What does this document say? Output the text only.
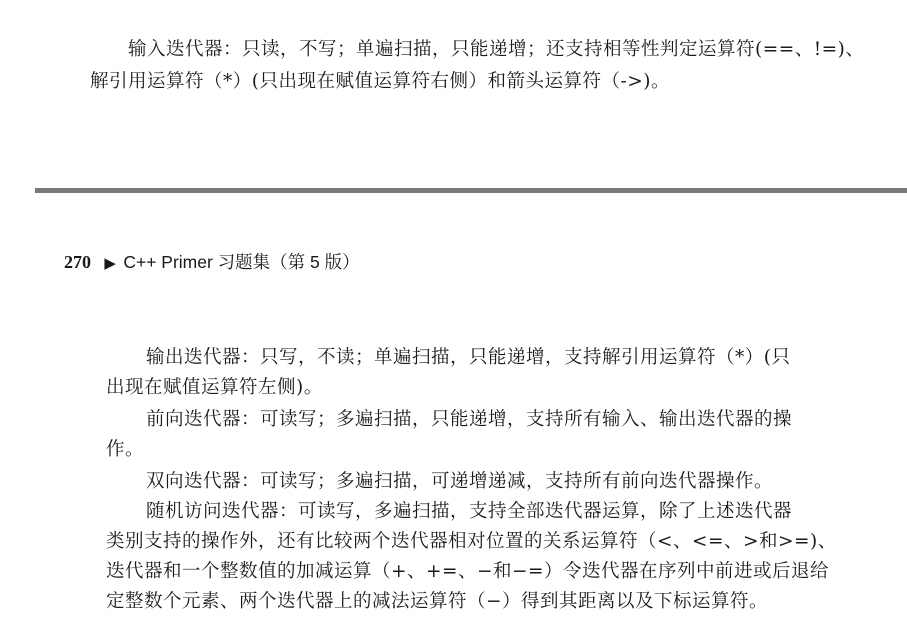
输入迭代器：只读，不写；单遍扫描，只能递增；还支持相等性判定运算符(==、!=)、
解引用运算符（*）(只出现在赋值运算符右侧）和箭头运算符（->)。
270 ▶ C++ Primer 习题集（第 5 版）
输出迭代器：只写，不读；单遍扫描，只能递增，支持解引用运算符（*）(只
出现在赋值运算符左侧)。
前向迭代器：可读写；多遍扫描，只能递增，支持所有输入、输出迭代器的操
作。
双向迭代器：可读写；多遍扫描，可递增递减，支持所有前向迭代器操作。
随机访问迭代器：可读写，多遍扫描，支持全部迭代器运算，除了上述迭代器
类别支持的操作外，还有比较两个迭代器相对位置的关系运算符（<、<=、>和>=)、
迭代器和一个整数值的加减运算（+、+=、−和−=）令迭代器在序列中前进或后退给
定整数个元素、两个迭代器上的减法运算符（−）得到其距离以及下标运算符。
